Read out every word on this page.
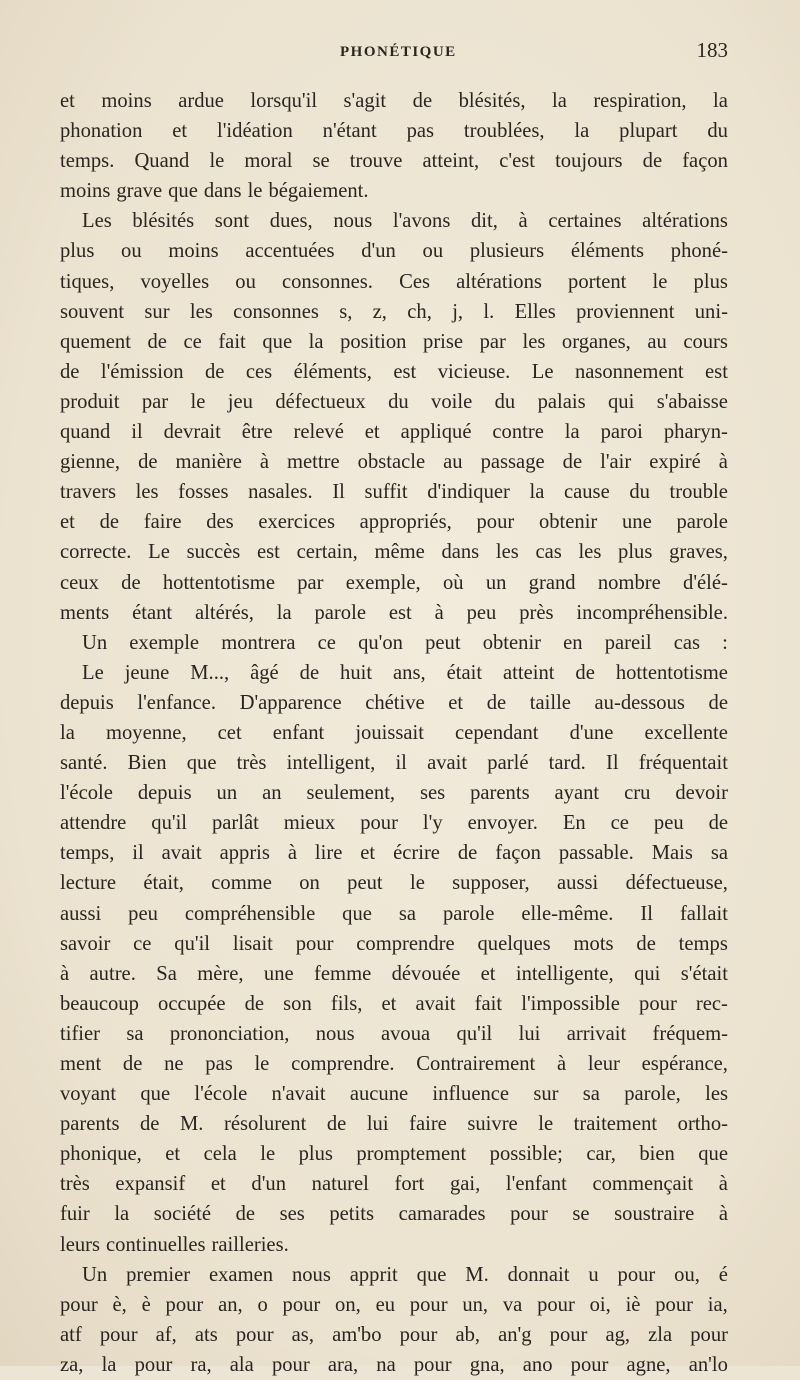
PHONÉTIQUE	183
et moins ardue lorsqu'il s'agit de blésités, la respiration, la
phonation et l'idéation n'étant pas troublées, la plupart du
temps. Quand le moral se trouve atteint, c'est toujours de façon
moins grave que dans le bégaiement.
Les blésités sont dues, nous l'avons dit, à certaines altérations
plus ou moins accentuées d'un ou plusieurs éléments phoné-
tiques, voyelles ou consonnes. Ces altérations portent le plus
souvent sur les consonnes s, z, ch, j, l. Elles proviennent uni-
quement de ce fait que la position prise par les organes, au cours
de l'émission de ces éléments, est vicieuse. Le nasonnement est
produit par le jeu défectueux du voile du palais qui s'abaisse
quand il devrait être relevé et appliqué contre la paroi pharyn-
gienne, de manière à mettre obstacle au passage de l'air expiré à
travers les fosses nasales. Il suffit d'indiquer la cause du trouble
et de faire des exercices appropriés, pour obtenir une parole
correcte. Le succès est certain, même dans les cas les plus graves,
ceux de hottentotisme par exemple, où un grand nombre d'élé-
ments étant altérés, la parole est à peu près incompréhensible.
Un exemple montrera ce qu'on peut obtenir en pareil cas :
Le jeune M..., âgé de huit ans, était atteint de hottentotisme
depuis l'enfance. D'apparence chétive et de taille au-dessous de
la moyenne, cet enfant jouissait cependant d'une excellente
santé. Bien que très intelligent, il avait parlé tard. Il fréquentait
l'école depuis un an seulement, ses parents ayant cru devoir
attendre qu'il parlât mieux pour l'y envoyer. En ce peu de
temps, il avait appris à lire et écrire de façon passable. Mais sa
lecture était, comme on peut le supposer, aussi défectueuse,
aussi peu compréhensible que sa parole elle-même. Il fallait
savoir ce qu'il lisait pour comprendre quelques mots de temps
à autre. Sa mère, une femme dévouée et intelligente, qui s'était
beaucoup occupée de son fils, et avait fait l'impossible pour rec-
tifier sa prononciation, nous avoua qu'il lui arrivait fréquem-
ment de ne pas le comprendre. Contrairement à leur espérance,
voyant que l'école n'avait aucune influence sur sa parole, les
parents de M. résolurent de lui faire suivre le traitement ortho-
phonique, et cela le plus promptement possible; car, bien que
très expansif et d'un naturel fort gai, l'enfant commençait à
fuir la société de ses petits camarades pour se soustraire à
leurs continuelles railleries.
Un premier examen nous apprit que M. donnait u pour ou, é
pour è, è pour an, o pour on, eu pour un, va pour oi, iè pour ia,
atf pour af, ats pour as, am'bo pour ab, an'g pour ag, zla pour
za, la pour ra, ala pour ara, na pour gna, ano pour agne, an'lo
